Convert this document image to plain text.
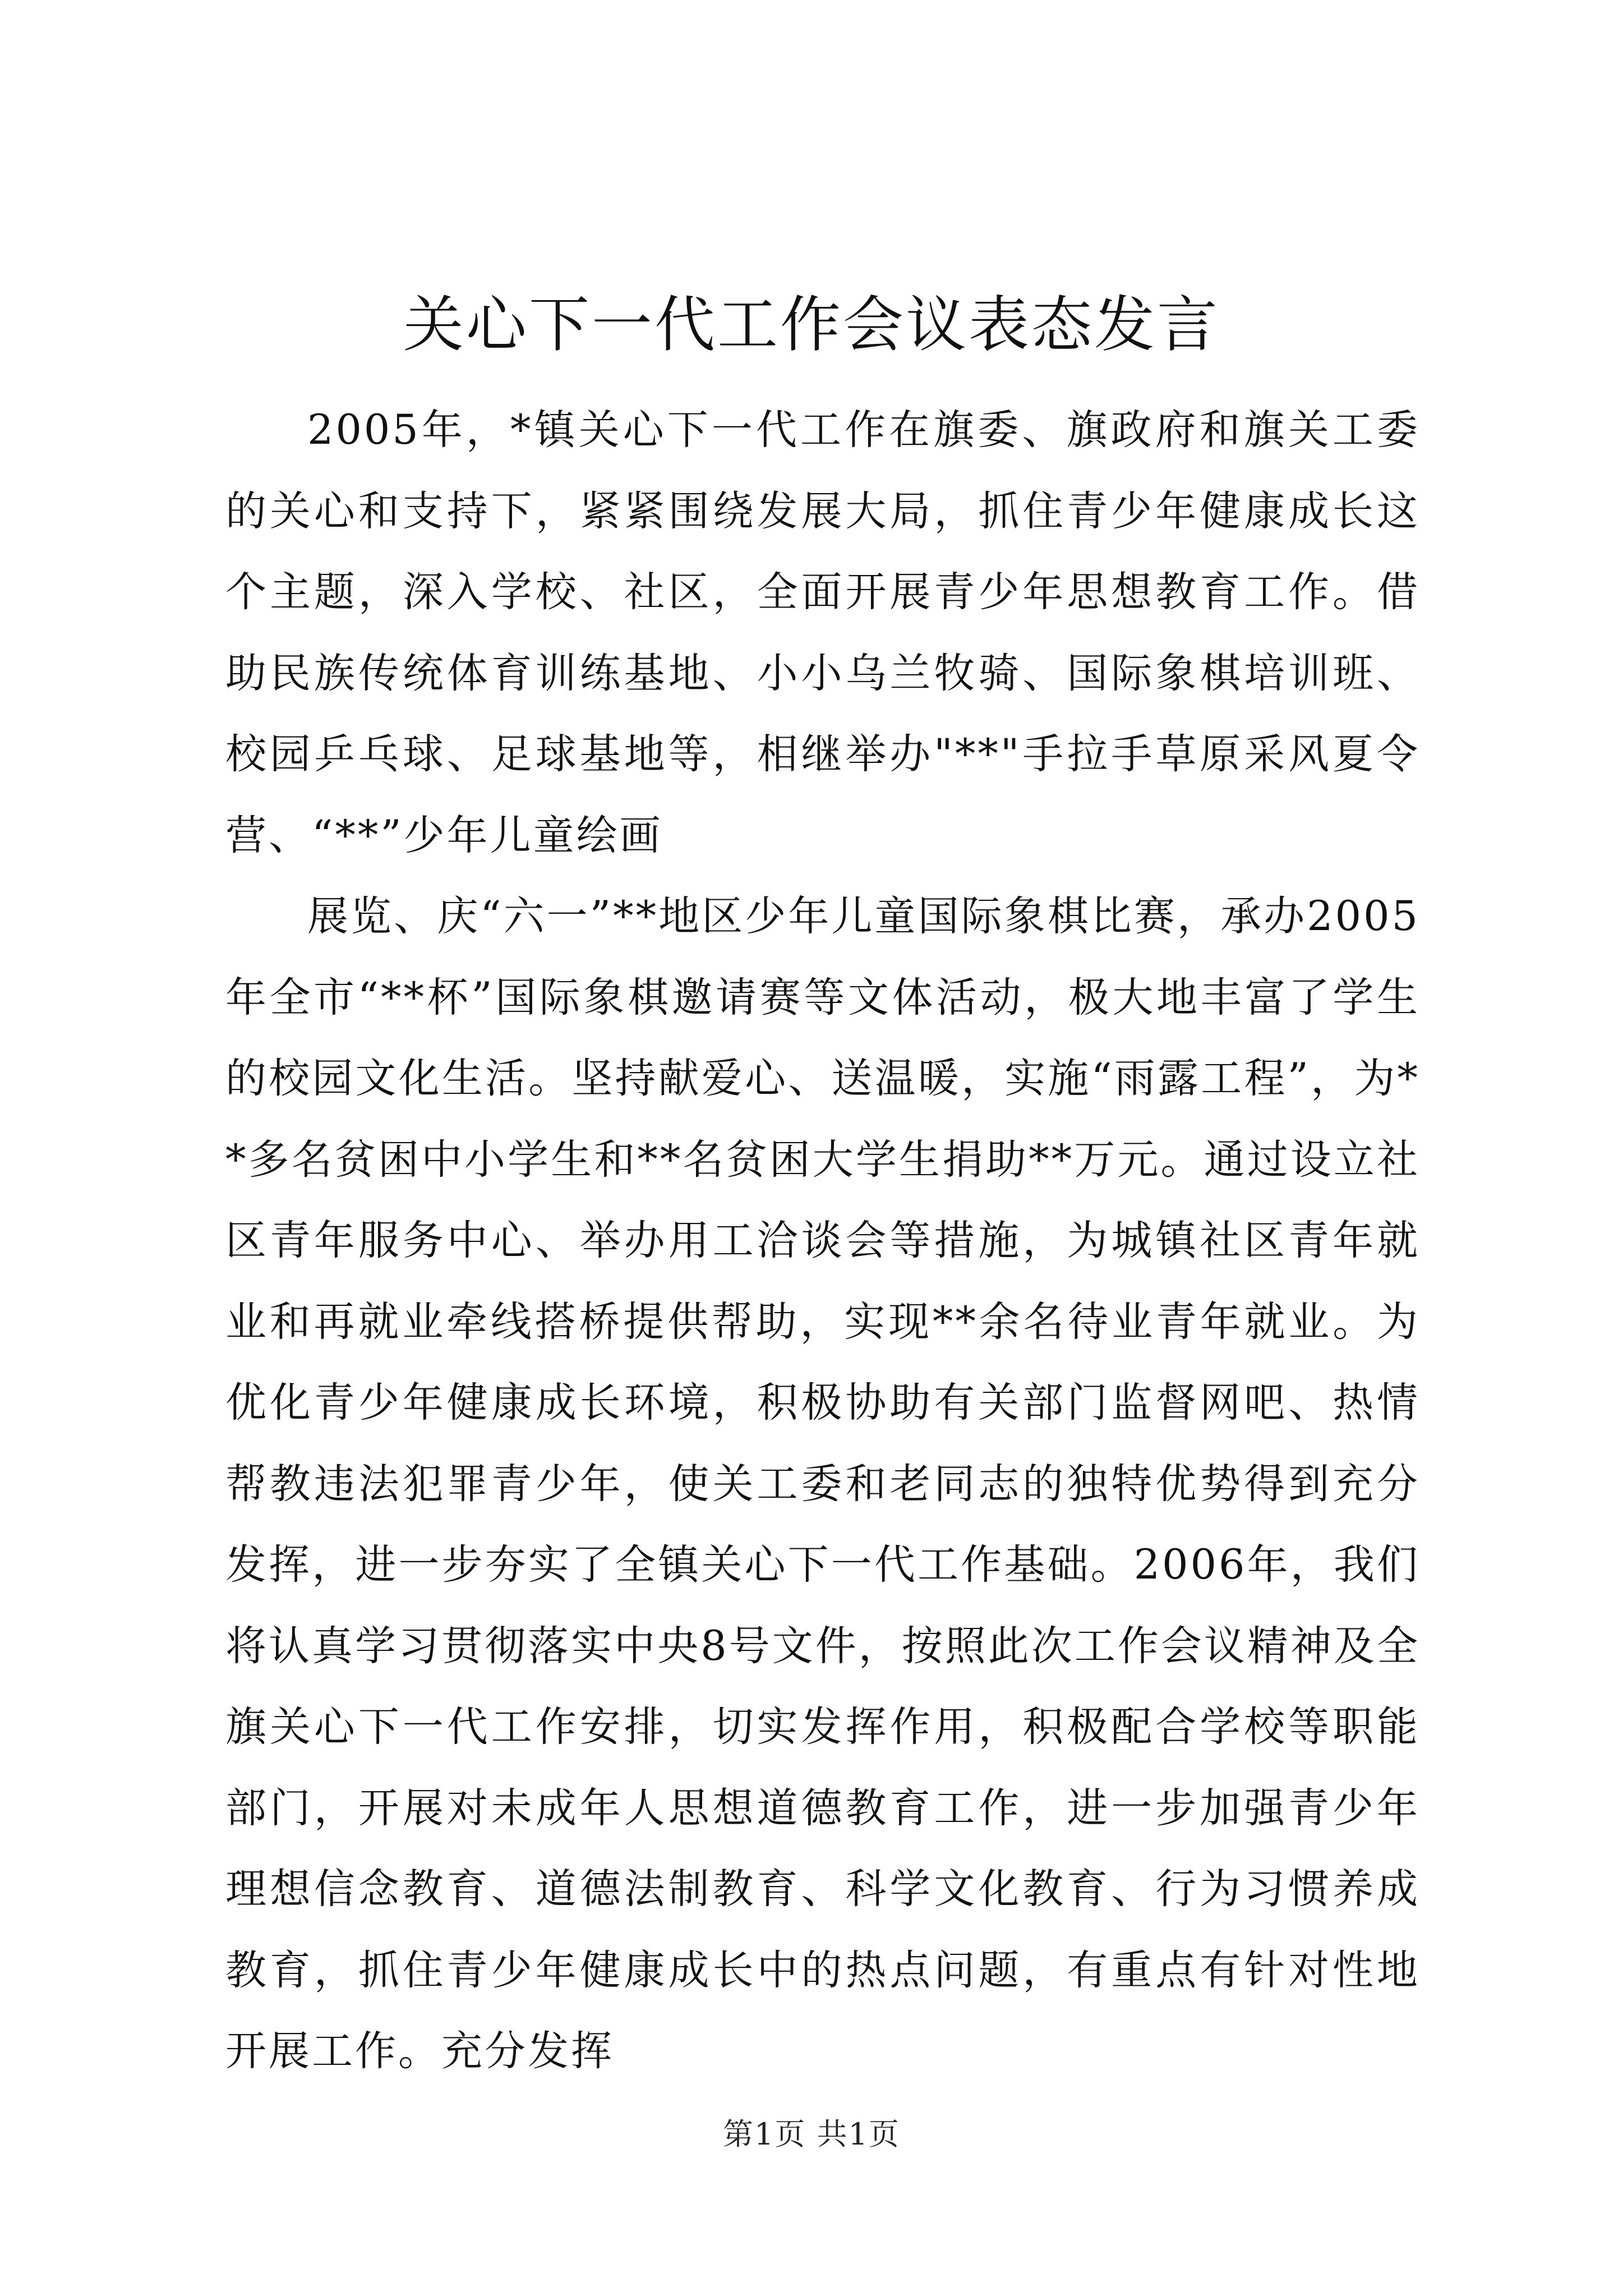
关心下一代工作会议表态发言

2005年，*镇关心下一代工作在旗委、旗政府和旗关工委的关心和支持下，紧紧围绕发展大局，抓住青少年健康成长这个主题，深入学校、社区，全面开展青少年思想教育工作。借助民族传统体育训练基地、小小乌兰牧骑、国际象棋培训班、校园乒乓球、足球基地等，相继举办"**"手拉手草原采风夏令营、“**”少年儿童绘画

展览、庆“六一”**地区少年儿童国际象棋比赛，承办2005年全市“**杯”国际象棋邀请赛等文体活动，极大地丰富了学生的校园文化生活。坚持献爱心、送温暖，实施“雨露工程”，为**多名贫困中小学生和**名贫困大学生捐助**万元。通过设立社区青年服务中心、举办用工洽谈会等措施，为城镇社区青年就业和再就业牵线搭桥提供帮助，实现**余名待业青年就业。为优化青少年健康成长环境，积极协助有关部门监督网吧、热情帮教违法犯罪青少年，使关工委和老同志的独特优势得到充分发挥，进一步夯实了全镇关心下一代工作基础。2006年，我们将认真学习贯彻落实中央8号文件，按照此次工作会议精神及全旗关心下一代工作安排，切实发挥作用，积极配合学校等职能部门，开展对未成年人思想道德教育工作，进一步加强青少年理想信念教育、道德法制教育、科学文化教育、行为习惯养成教育，抓住青少年健康成长中的热点问题，有重点有针对性地开展工作。充分发挥

第1页 共1页
